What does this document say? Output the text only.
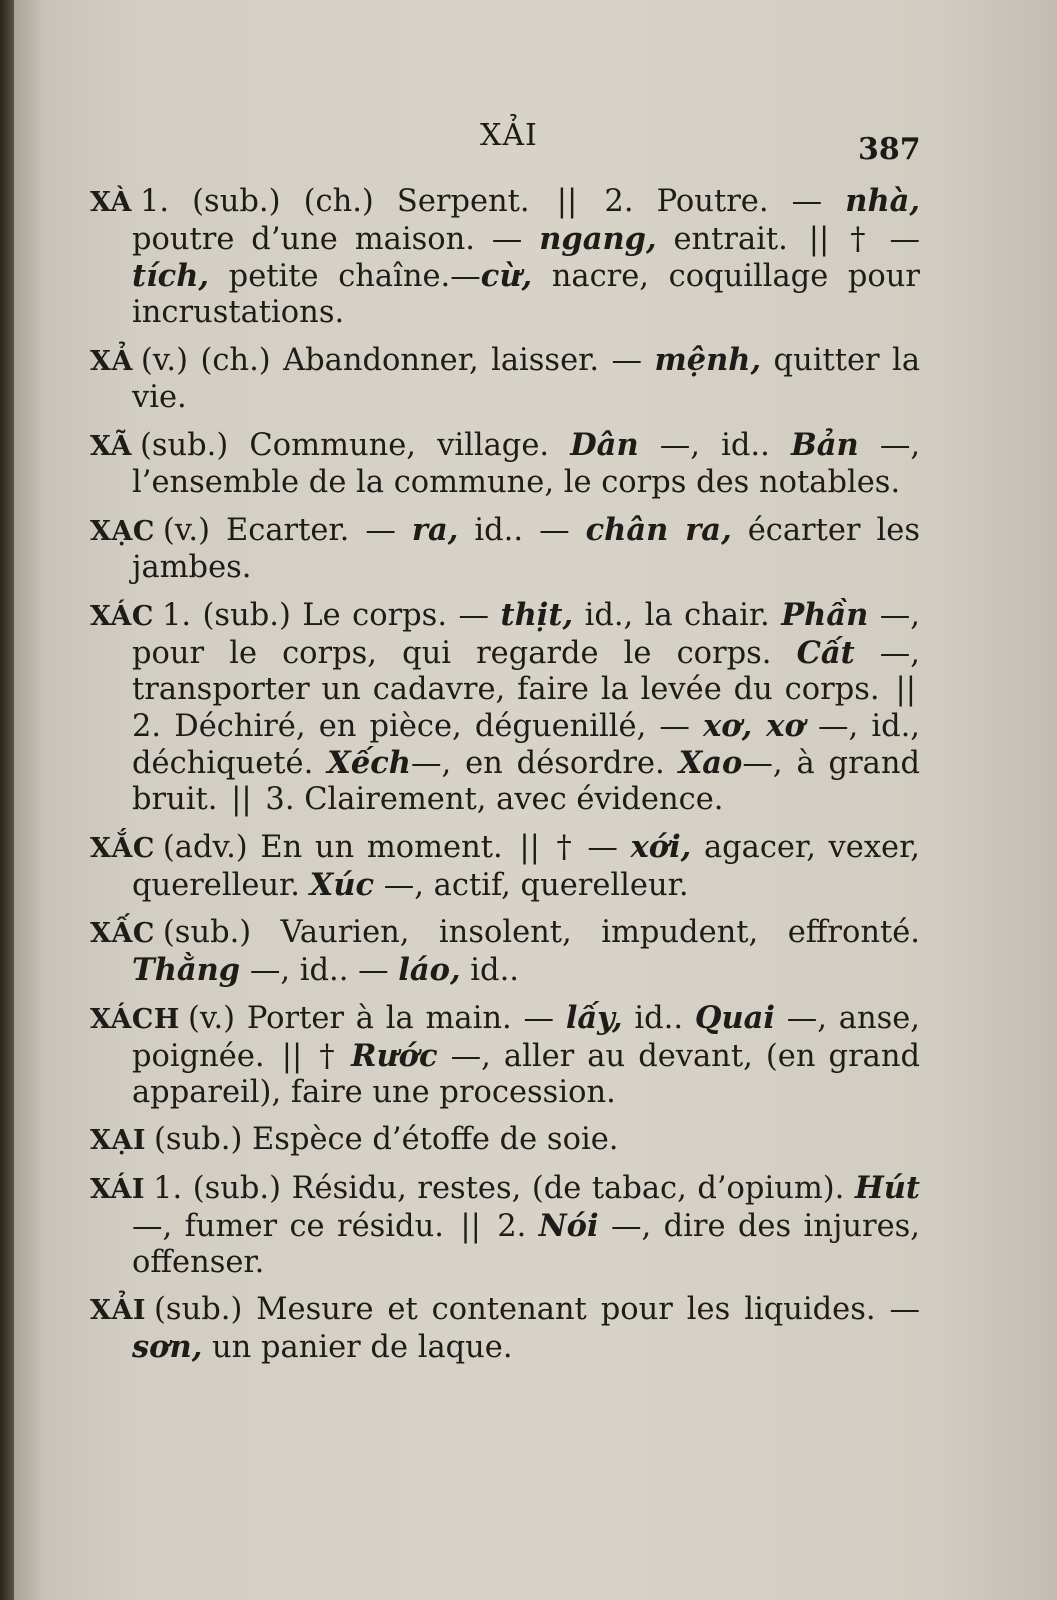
XẢI	387

XÀ 1. (sub.) (ch.) Serpent. || 2. Poutre. — nhà, poutre d’une maison. — ngang, entrait. || † — tích, petite chaîne.—cừ, nacre, coquillage pour incrustations.

XẢ (v.) (ch.) Abandonner, laisser. — mệnh, quitter la vie.

XÃ (sub.) Commune, village. Dân —, id.. Bản —, l’ensemble de la commune, le corps des notables.

XẠC (v.) Ecarter. — ra, id.. — chân ra, écarter les jambes.

XÁC 1. (sub.) Le corps. — thịt, id., la chair. Phần —, pour le corps, qui regarde le corps. Cất —, transporter un cadavre, faire la levée du corps. || 2. Déchiré, en pièce, déguenillé, — xơ, xơ —, id., déchiqueté. Xếch—, en désordre. Xao—, à grand bruit. || 3. Clairement, avec évidence.

XẮC (adv.) En un moment. || † — xới, agacer, vexer, querelleur. Xúc —, actif, querelleur.

XẤC (sub.) Vaurien, insolent, impudent, effronté. Thằng —, id.. — láo, id..

XÁCH (v.) Porter à la main. — lấy, id.. Quai —, anse, poignée. || † Rước —, aller au devant, (en grand appareil), faire une procession.

XẠI (sub.) Espèce d’étoffe de soie.

XÁI 1. (sub.) Résidu, restes, (de tabac, d’opium). Hút —, fumer ce résidu. || 2. Nói —, dire des injures, offenser.

XẢI (sub.) Mesure et contenant pour les liquides. — sơn, un panier de laque.
